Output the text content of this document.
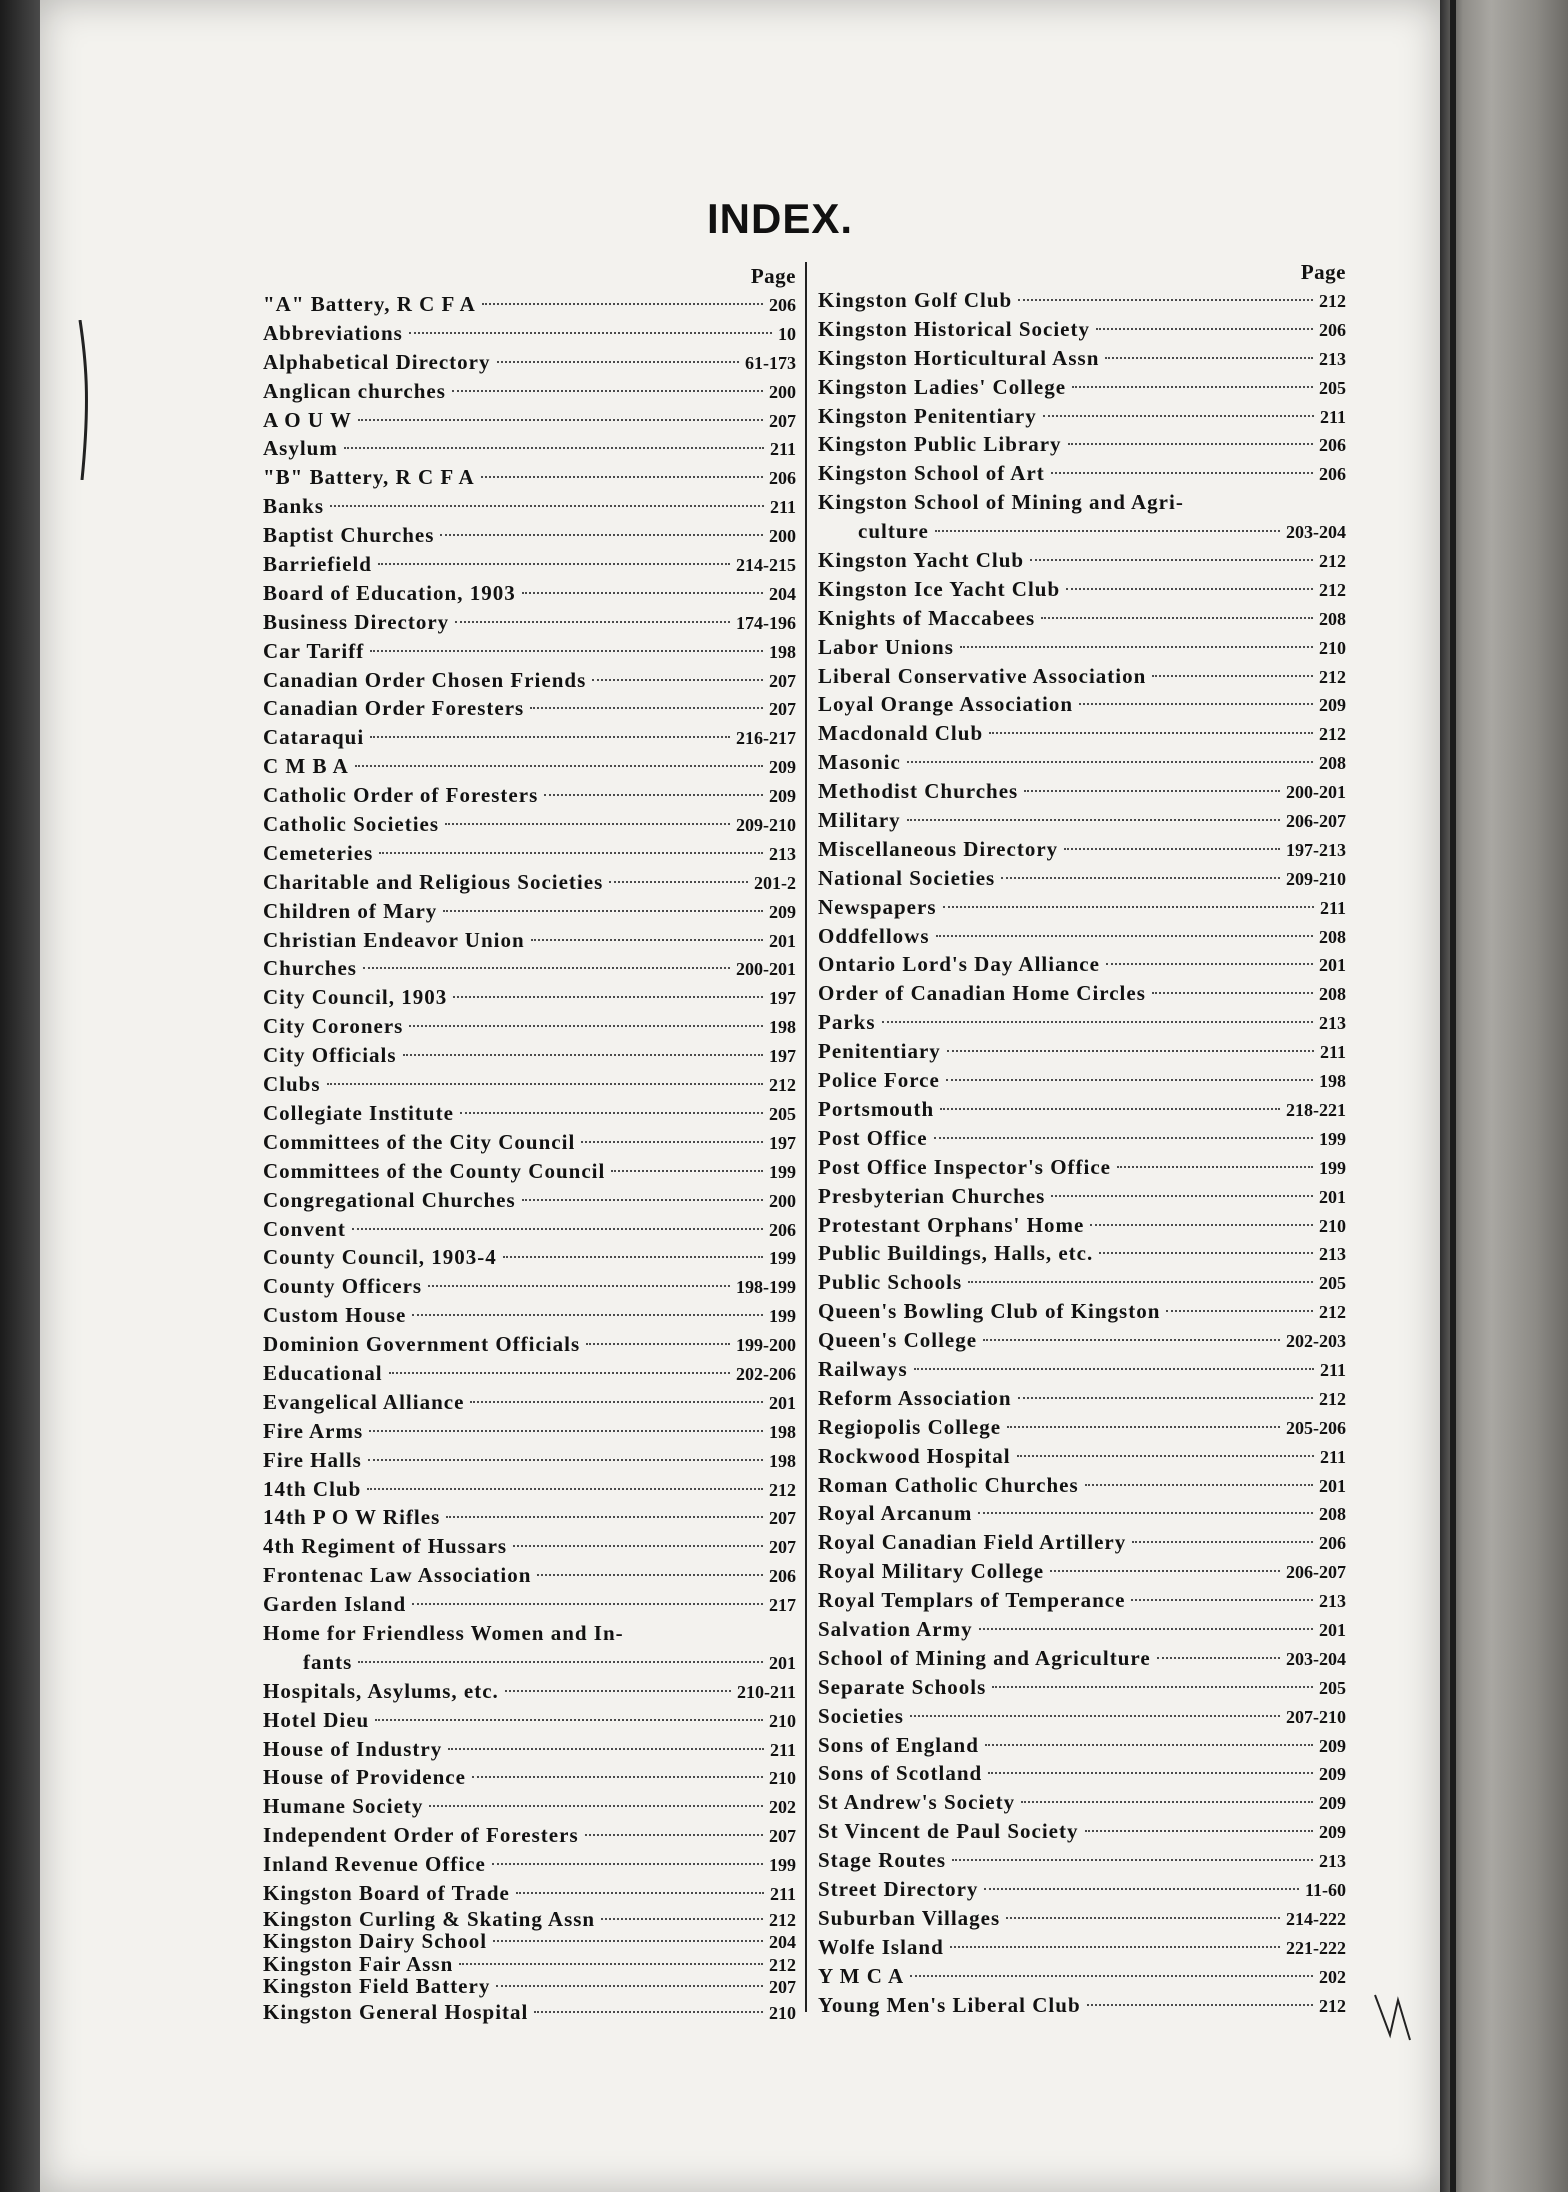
INDEX.
Page
"A" Battery, R C F A	206
Abbreviations	10
Alphabetical Directory	61-173
Anglican churches	200
A O U W	207
Asylum	211
"B" Battery, R C F A	206
Banks	211
Baptist Churches	200
Barriefield	214-215
Board of Education, 1903	204
Business Directory	174-196
Car Tariff	198
Canadian Order Chosen Friends	207
Canadian Order Foresters	207
Cataraqui	216-217
C M B A	209
Catholic Order of Foresters	209
Catholic Societies	209-210
Cemeteries	213
Charitable and Religious Societies	201-2
Children of Mary	209
Christian Endeavor Union	201
Churches	200-201
City Council, 1903	197
City Coroners	198
City Officials	197
Clubs	212
Collegiate Institute	205
Committees of the City Council	197
Committees of the County Council	199
Congregational Churches	200
Convent	206
County Council, 1903-4	199
County Officers	198-199
Custom House	199
Dominion Government Officials	199-200
Educational	202-206
Evangelical Alliance	201
Fire Arms	198
Fire Halls	198
14th Club	212
14th P O W Rifles	207
4th Regiment of Hussars	207
Frontenac Law Association	206
Garden Island	217
Home for Friendless Women and In-
fants	201
Hospitals, Asylums, etc.	210-211
Hotel Dieu	210
House of Industry	211
House of Providence	210
Humane Society	202
Independent Order of Foresters	207
Inland Revenue Office	199
Kingston Board of Trade	211
Kingston Curling & Skating Assn	212
Kingston Dairy School	204
Kingston Fair Assn	212
Kingston Field Battery	207
Kingston General Hospital	210
Page
Kingston Golf Club	212
Kingston Historical Society	206
Kingston Horticultural Assn	213
Kingston Ladies' College	205
Kingston Penitentiary	211
Kingston Public Library	206
Kingston School of Art	206
Kingston School of Mining and Agri-
culture	203-204
Kingston Yacht Club	212
Kingston Ice Yacht Club	212
Knights of Maccabees	208
Labor Unions	210
Liberal Conservative Association	212
Loyal Orange Association	209
Macdonald Club	212
Masonic	208
Methodist Churches	200-201
Military	206-207
Miscellaneous Directory	197-213
National Societies	209-210
Newspapers	211
Oddfellows	208
Ontario Lord's Day Alliance	201
Order of Canadian Home Circles	208
Parks	213
Penitentiary	211
Police Force	198
Portsmouth	218-221
Post Office	199
Post Office Inspector's Office	199
Presbyterian Churches	201
Protestant Orphans' Home	210
Public Buildings, Halls, etc.	213
Public Schools	205
Queen's Bowling Club of Kingston	212
Queen's College	202-203
Railways	211
Reform Association	212
Regiopolis College	205-206
Rockwood Hospital	211
Roman Catholic Churches	201
Royal Arcanum	208
Royal Canadian Field Artillery	206
Royal Military College	206-207
Royal Templars of Temperance	213
Salvation Army	201
School of Mining and Agriculture	203-204
Separate Schools	205
Societies	207-210
Sons of England	209
Sons of Scotland	209
St Andrew's Society	209
St Vincent de Paul Society	209
Stage Routes	213
Street Directory	11-60
Suburban Villages	214-222
Wolfe Island	221-222
Y M C A	202
Young Men's Liberal Club	212
